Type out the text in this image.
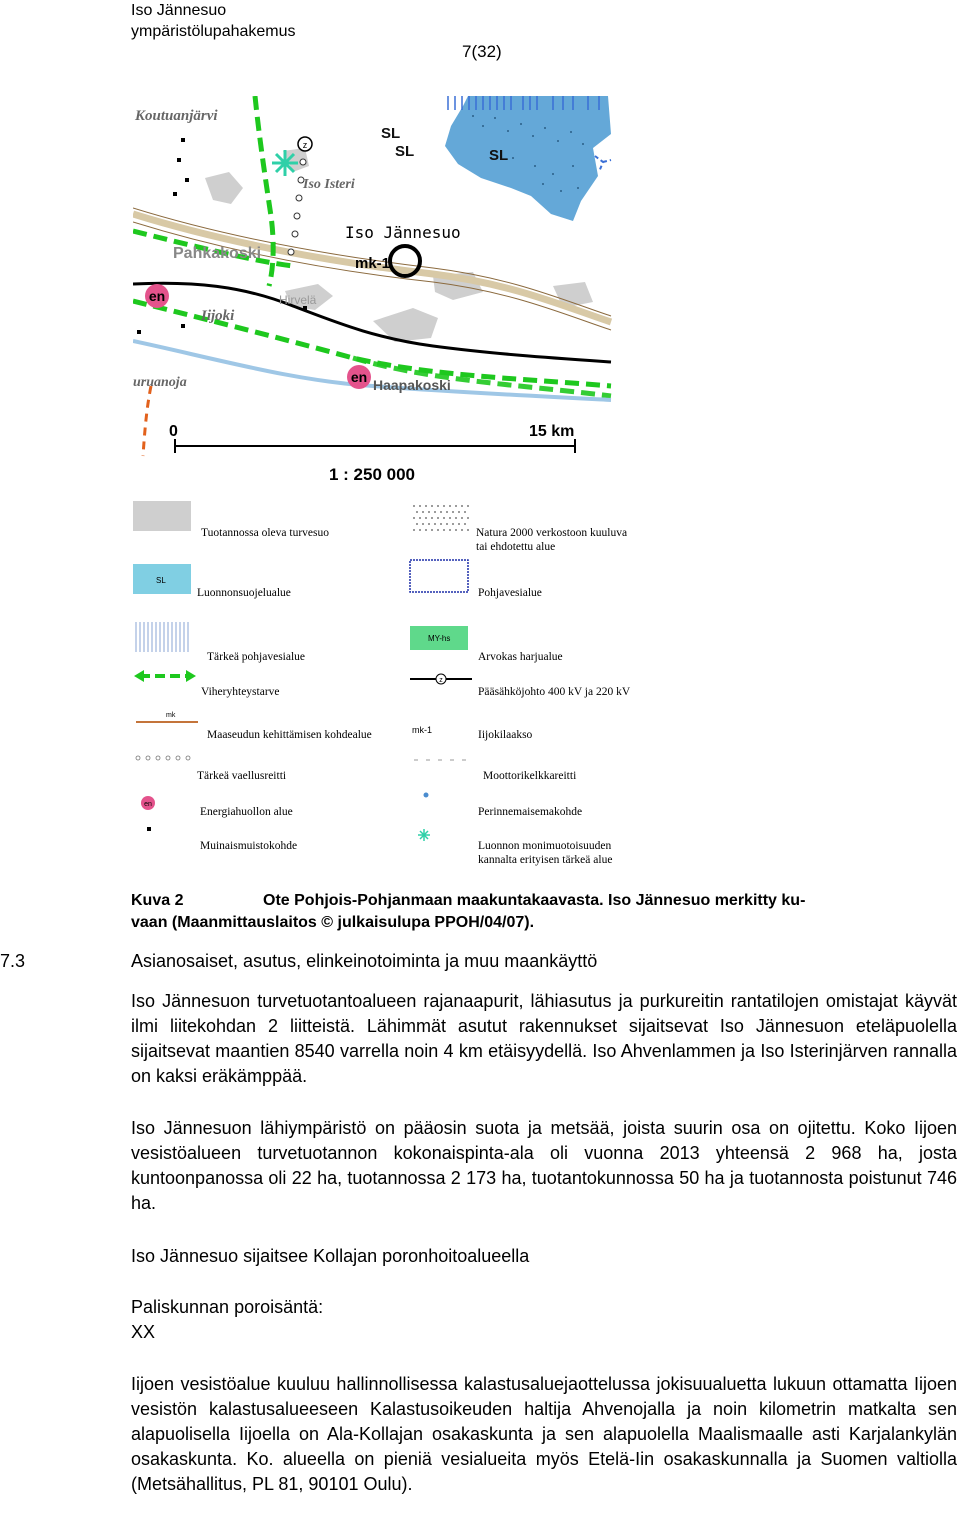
Iso Jännesuo
ympäristölupahakemus
7(32)
z
Koutuanjärvi
Iso Isteri
Iijoki
uruanoja
Iso Jännesuo
mk-1
Pahkakoski
Hirvelä
Haapakoski
en
en
SL
SL	SL
0	15 km
1 : 250 000
SL
MY-hs
z
mk
mk-1
en
Tuotannossa oleva turvesuo	Natura 2000 verkostoon kuuluva
tai ehdotettu alue
Luonnonsuojelualue	Pohjavesialue
Tärkeä pohjavesialue	Arvokas harjualue
Viheryhteystarve	Pääsähköjohto 400 kV ja 220 kV
Maaseudun kehittämisen kohdealue	Iijokilaakso
Tärkeä vaellusreitti	Moottorikelkkareitti
Energiahuollon alue	Perinnemaisemakohde
Muinaismuistokohde	Luonnon monimuotoisuuden
kannalta erityisen tärkeä alue
Kuva 2	Ote Pohjois-Pohjanmaan maakuntakaavasta. Iso Jännesuo merkitty ku-
vaan (Maanmittauslaitos © julkaisulupa PPOH/04/07).
7.3	Asianosaiset, asutus, elinkeinotoiminta ja muu maankäyttö

Iso Jännesuon turvetuotantoalueen rajanaapurit, lähiasutus ja purkureitin rantatilojen omistajat käyvät ilmi liitekohdan 2 liitteistä. Lähimmät asutut rakennukset sijaitsevat Iso Jännesuon eteläpuolella sijaitsevat maantien 8540 varrella noin 4 km etäisyydellä. Iso Ahvenlammen ja Iso Isterinjärven rannalla on kaksi eräkämppää.

Iso Jännesuon lähiympäristö on pääosin suota ja metsää, joista suurin osa on ojitettu. Koko Iijoen vesistöalueen turvetuotannon kokonaispinta-ala oli vuonna 2013 yhteensä 2 968 ha, josta kuntoonpanossa oli 22 ha, tuotannossa 2 173 ha, tuotantokunnossa 50 ha ja tuotannosta poistunut 746 ha.

Iso Jännesuo sijaitsee Kollajan poronhoitoalueella

Paliskunnan poroisäntä:

XX

Iijoen vesistöalue kuuluu hallinnollisessa kalastusaluejaottelussa jokisuualuetta lukuun ottamatta Iijoen vesistön kalastusalueeseen Kalastusoikeuden haltija Ahvenojalla ja noin kilometrin matkalta sen alapuolisella Iijoella on Ala-Kollajan osakaskunta ja sen alapuolella Maalismaalle asti Karjalankylän osakaskunta. Ko. alueella on pieniä vesialueita myös Etelä-Iin osakaskunnalla ja Suomen valtiolla (Metsähallitus, PL 81, 90101 Oulu).
